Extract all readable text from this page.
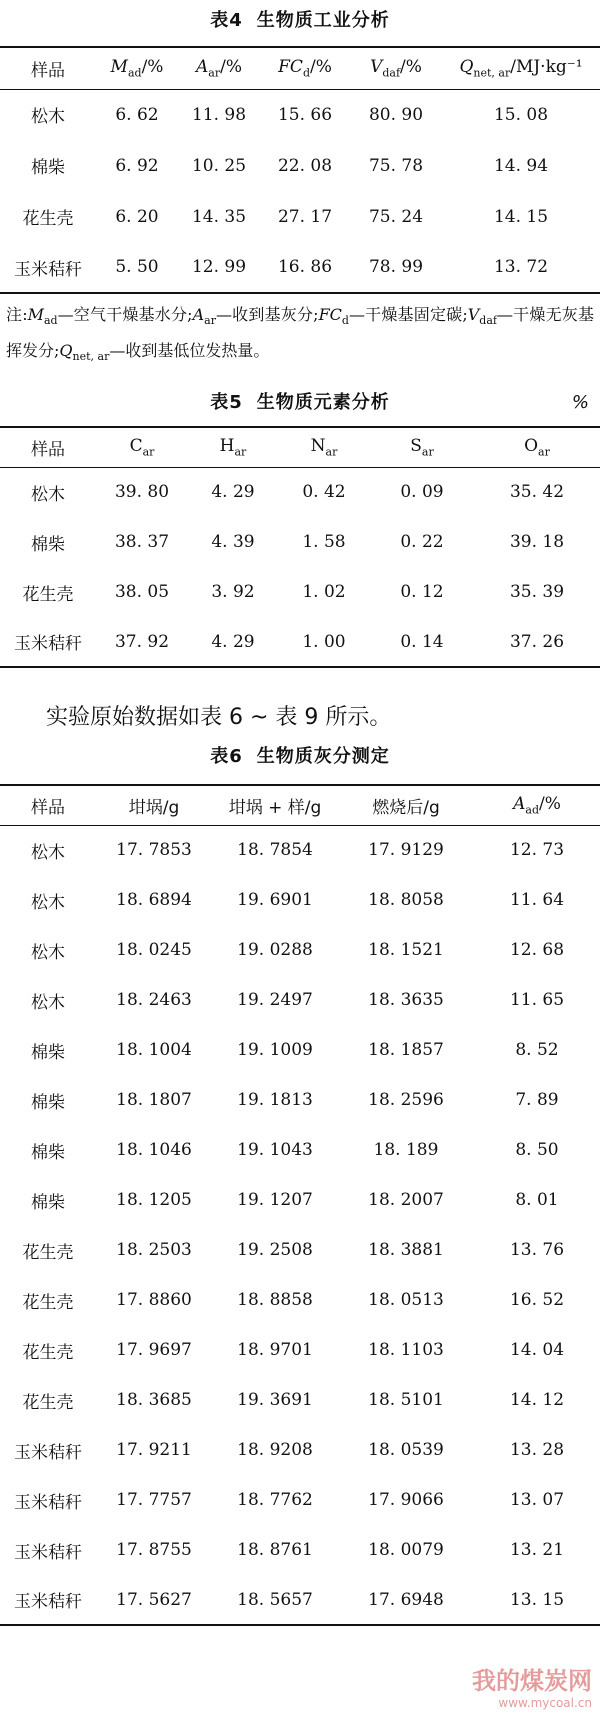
表4 生物质工业分析
样品	$M_{ad}/\%$	$A_{ar}/\%$	$FC_d/\%$	$V_{daf}/\%$	$Q_{net, ar}/MJ\cdot kg^{-1}$
松木	6. 62	11. 98	15. 66	80. 90	15. 08
棉柴	6. 92	10. 25	22. 08	75. 78	14. 94
花生壳	6. 20	14. 35	27. 17	75. 24	14. 15
玉米秸秆	5. 50	12. 99	16. 86	78. 99	13. 72
注$:M_{ad}—$空气干燥基水分$;A_{ar}—$收到基灰分$;FC_d—$干燥基固定碳$;V_{daf}—$干燥无灰基挥发分$;Q_{net, ar}—$收到基低位发热量。
表5 生物质元素分析	%
样品	$C_{ar}$	$H_{ar}$	$N_{ar}$	$S_{ar}$	$O_{ar}$
松木	39. 80	4. 29	0. 42	0. 09	35. 42
棉柴	38. 37	4. 39	1. 58	0. 22	39. 18
花生壳	38. 05	3. 92	1. 02	0. 12	35. 39
玉米秸秆	37. 92	4. 29	1. 00	0. 14	37. 26
实验原始数据如表 6 ~ 表 9 所示。
表6 生物质灰分测定
样品	坩埚/g	坩埚 + 样/g	燃烧后/g	$A_{ad}/\%$
松木	17. 7853	18. 7854	17. 9129	12. 73
松木	18. 6894	19. 6901	18. 8058	11. 64
松木	18. 0245	19. 0288	18. 1521	12. 68
松木	18. 2463	19. 2497	18. 3635	11. 65
棉柴	18. 1004	19. 1009	18. 1857	8. 52
棉柴	18. 1807	19. 1813	18. 2596	7. 89
棉柴	18. 1046	19. 1043	18. 189	8. 50
棉柴	18. 1205	19. 1207	18. 2007	8. 01
花生壳	18. 2503	19. 2508	18. 3881	13. 76
花生壳	17. 8860	18. 8858	18. 0513	16. 52
花生壳	17. 9697	18. 9701	18. 1103	14. 04
花生壳	18. 3685	19. 3691	18. 5101	14. 12
玉米秸秆	17. 9211	18. 9208	18. 0539	13. 28
玉米秸秆	17. 7757	18. 7762	17. 9066	13. 07
玉米秸秆	17. 8755	18. 8761	18. 0079	13. 21
玉米秸秆	17. 5627	18. 5657	17. 6948	13. 15
我的煤炭网
www.mycoal.cn
